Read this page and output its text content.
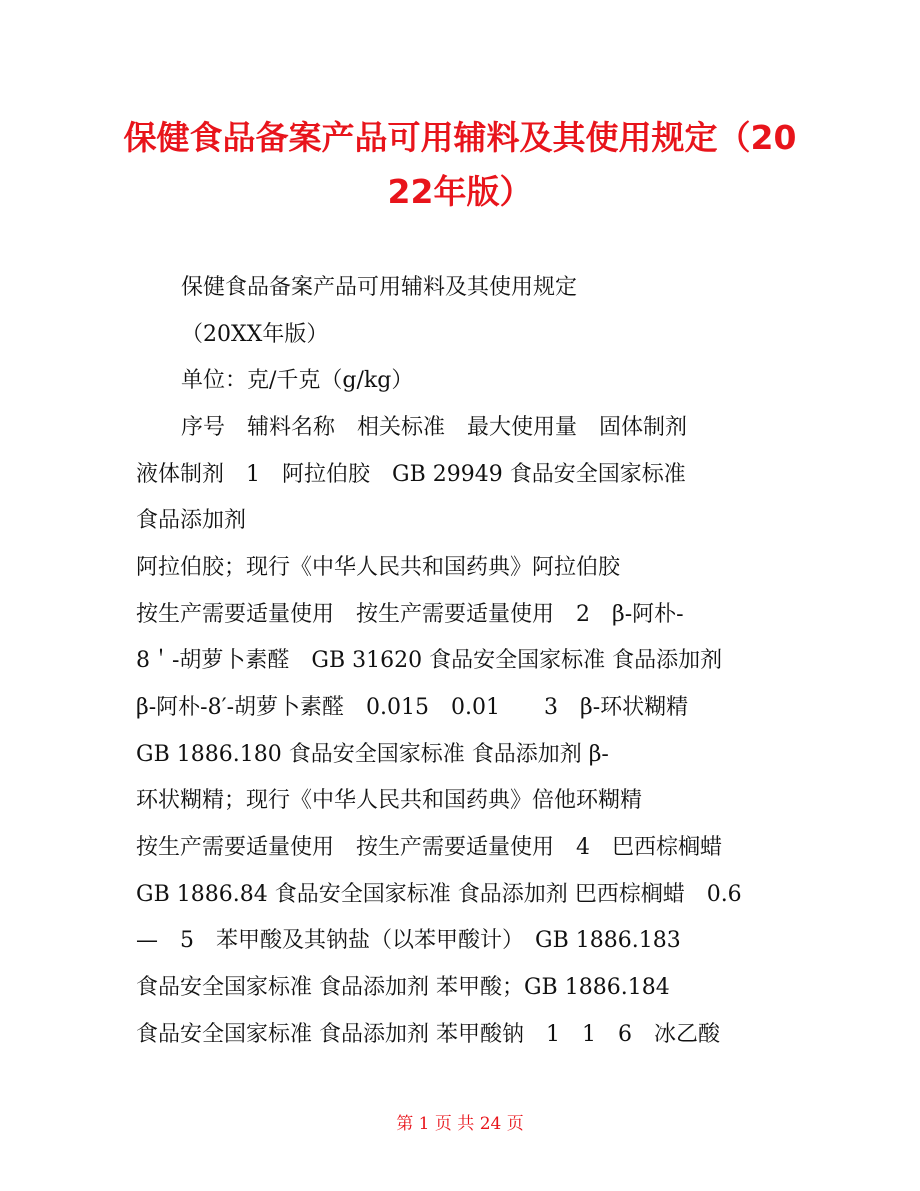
保健食品备案产品可用辅料及其使用规定（20
22年版）
保健食品备案产品可用辅料及其使用规定
（20XX年版）
单位：克/千克（g/kg）
序号　辅料名称　相关标准　最大使用量　固体制剂
液体制剂　1　阿拉伯胶　GB 29949 食品安全国家标准
食品添加剂
阿拉伯胶；现行《中华人民共和国药典》阿拉伯胶
按生产需要适量使用　按生产需要适量使用　2　β-阿朴-
8＇-胡萝卜素醛　GB 31620 食品安全国家标准 食品添加剂
β-阿朴-8′-胡萝卜素醛　0.015　0.01　　3　β-环状糊精
GB 1886.180 食品安全国家标准 食品添加剂 β-
环状糊精；现行《中华人民共和国药典》倍他环糊精
按生产需要适量使用　按生产需要适量使用　4　巴西棕榈蜡
GB 1886.84 食品安全国家标准 食品添加剂 巴西棕榈蜡　0.6
—　5　苯甲酸及其钠盐（以苯甲酸计）　GB 1886.183
食品安全国家标准 食品添加剂 苯甲酸；GB 1886.184
食品安全国家标准 食品添加剂 苯甲酸钠　1　1　6　冰乙酸
第 1 页 共 24 页
